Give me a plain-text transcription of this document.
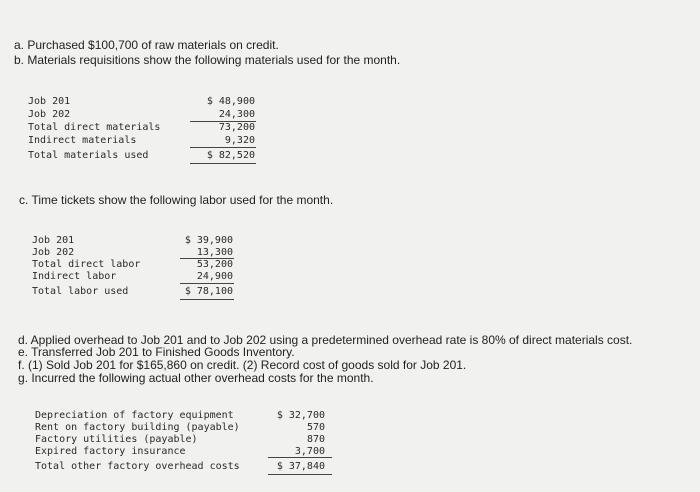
a. Purchased $100,700 of raw materials on credit.
b. Materials requisitions show the following materials used for the month.
Job 201
Job 202
Total direct materials
Indirect materials
Total materials used
$ 48,900
24,300
73,200
9,320
$ 82,520
c. Time tickets show the following labor used for the month.
Job 201
Job 202
Total direct labor
Indirect labor
Total labor used
$ 39,900
13,300
53,200
24,900
$ 78,100
d. Applied overhead to Job 201 and to Job 202 using a predetermined overhead rate is 80% of direct materials cost.
e. Transferred Job 201 to Finished Goods Inventory.
f. (1) Sold Job 201 for $165,860 on credit. (2) Record cost of goods sold for Job 201.
g. Incurred the following actual other overhead costs for the month.
Depreciation of factory equipment
Rent on factory building (payable)
Factory utilities (payable)
Expired factory insurance
Total other factory overhead costs
$ 32,700
570
870
3,700
$ 37,840
